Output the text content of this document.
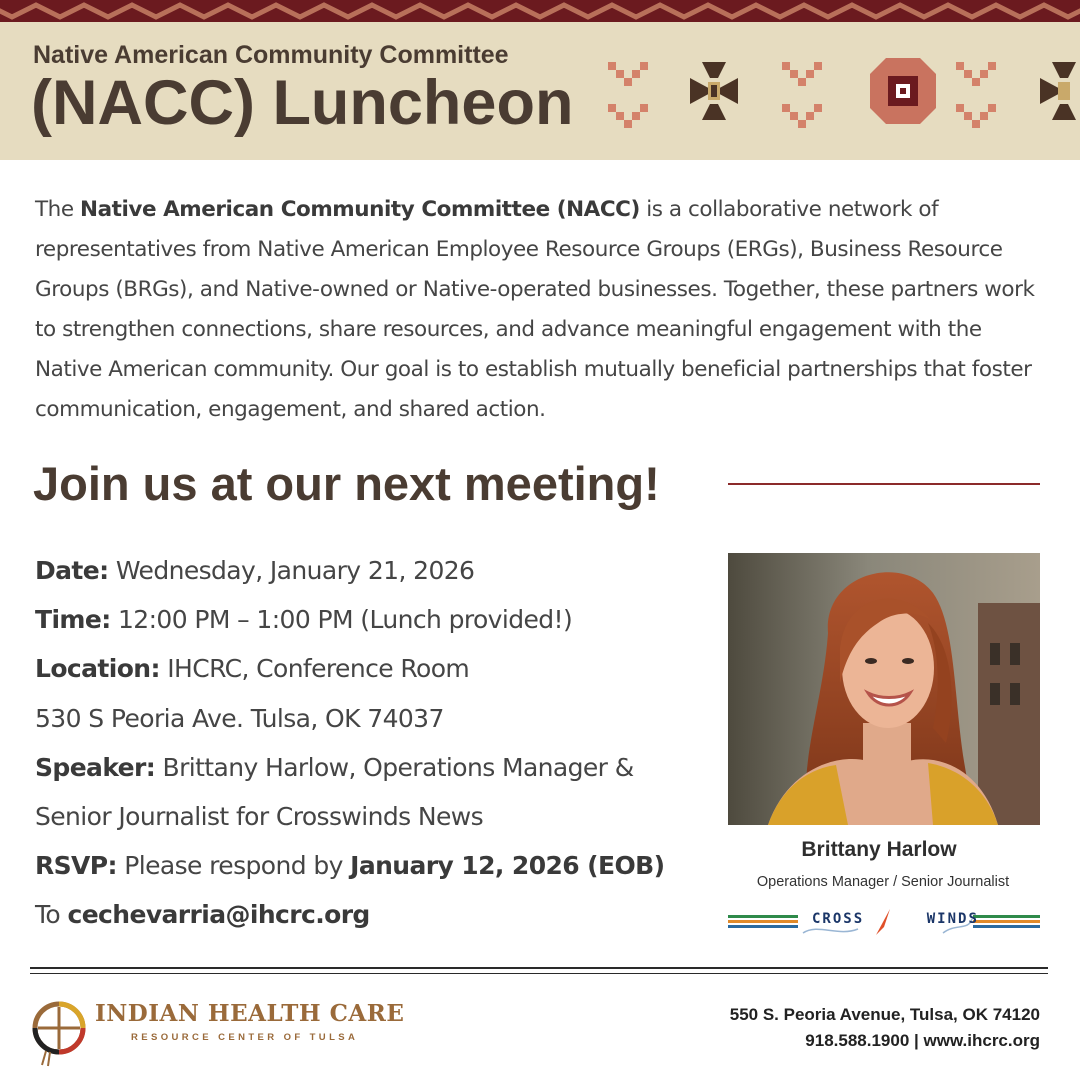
Native American Community Committee
(NACC) Luncheon

The Native American Community Committee (NACC) is a collaborative network of representatives from Native American Employee Resource Groups (ERGs), Business Resource Groups (BRGs), and Native-owned or Native-operated businesses. Together, these partners work to strengthen connections, share resources, and advance meaningful engagement with the Native American community. Our goal is to establish mutually beneficial partnerships that foster communication, engagement, and shared action.

Join us at our next meeting!
Date: Wednesday, January 21, 2026
Time: 12:00 PM – 1:00 PM (Lunch provided!)
Location: IHCRC, Conference Room
530 S Peoria Ave. Tulsa, OK 74037
Speaker: Brittany Harlow, Operations Manager &
Senior Journalist for Crosswinds News
RSVP: Please respond by January 12, 2026 (EOB)
To cechevarria@ihcrc.org
Brittany Harlow
Operations Manager / Senior Journalist
CROSS      	WINDS
INDIAN HEALTH CARE
RESOURCE CENTER OF TULSA
550 S. Peoria Avenue, Tulsa, OK 74120
918.588.1900 | www.ihcrc.org
